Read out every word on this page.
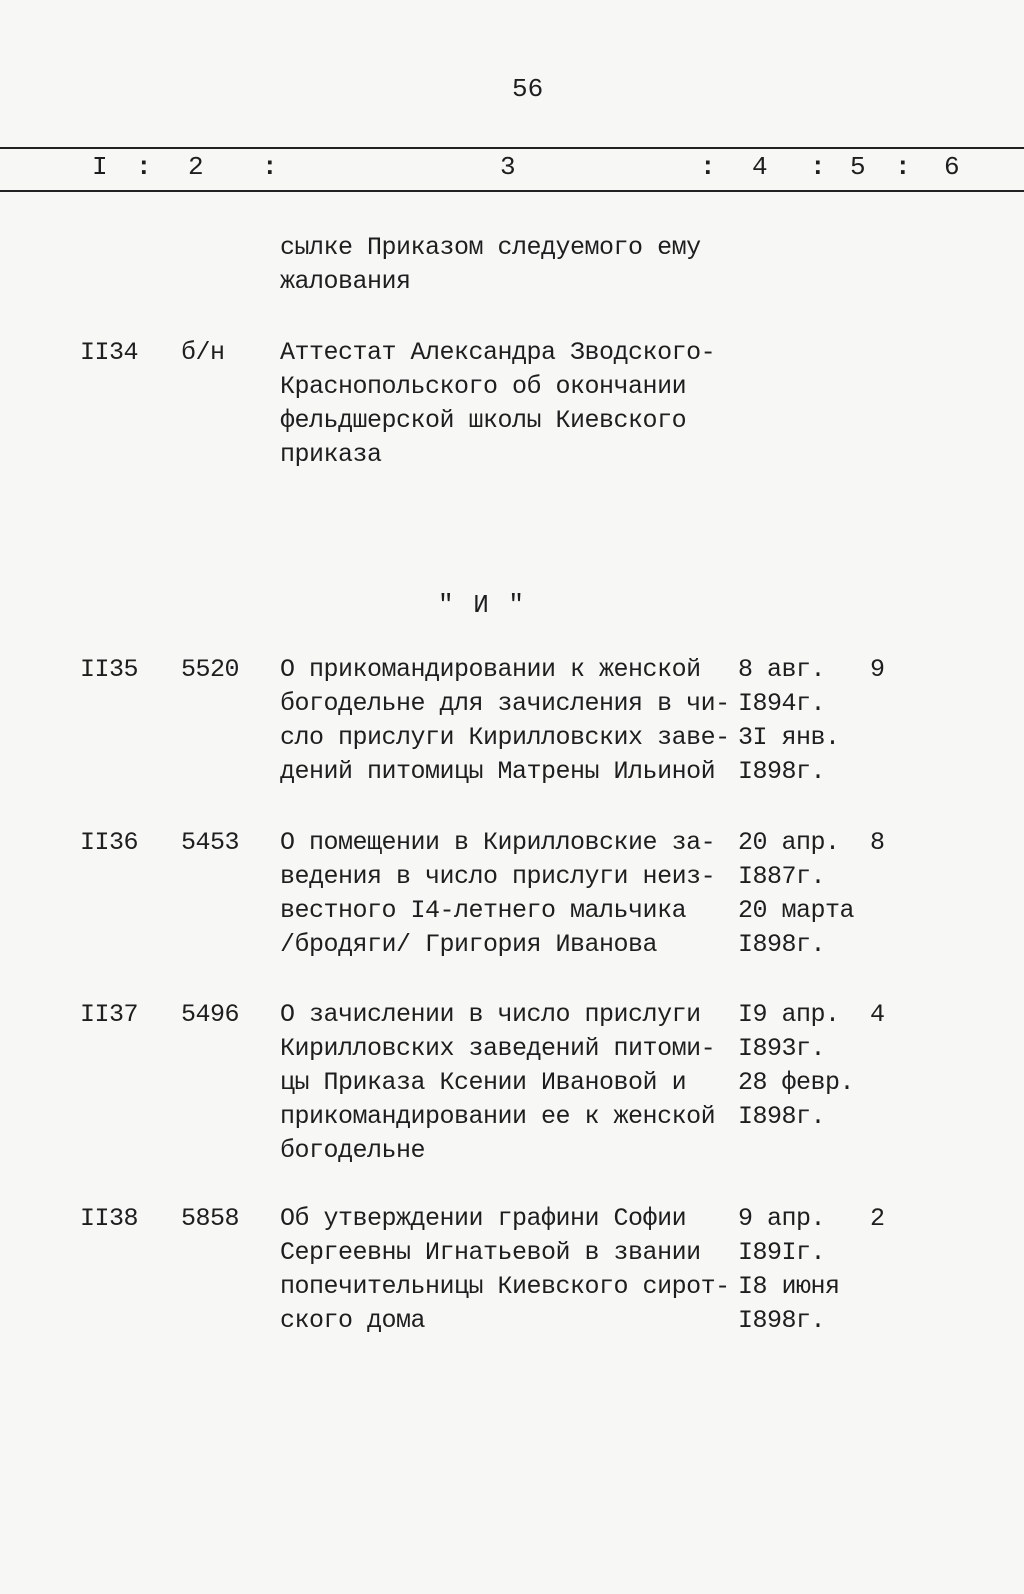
56
I : 2 :	3	: 4 : 5 : 6
сылке Приказом следуемого ему
жалования
II34 б/н Аттестат Александра Зводского-
Краснопольского об окончании
фельдшерской школы Киевского
приказа
" И "
II35 5520 О прикомандировании к женской
богодельне для зачисления в чи-
сло прислуги Кирилловских заве-
дений питомицы Матрены Ильиной
8 авг.
I894г.
3I янв.
I898г.
9
II36 5453 О помещении в Кирилловские за-
ведения в число прислуги неиз-
вестного I4-летнего мальчика
/бродяги/ Григория Иванова
20 апр.
I887г.
20 марта
I898г.
8
II37 5496 О зачислении в число прислуги
Кирилловских заведений питоми-
цы Приказа Ксении Ивановой и
прикомандировании ее к женской
богодельне
I9 апр.
I893г.
28 февр.
I898г.
4
II38 5858 Об утверждении графини Софии
Сергеевны Игнатьевой в звании
попечительницы Киевского сирот-
ского дома
9 апр.
I89Iг.
I8 июня
I898г.
2
